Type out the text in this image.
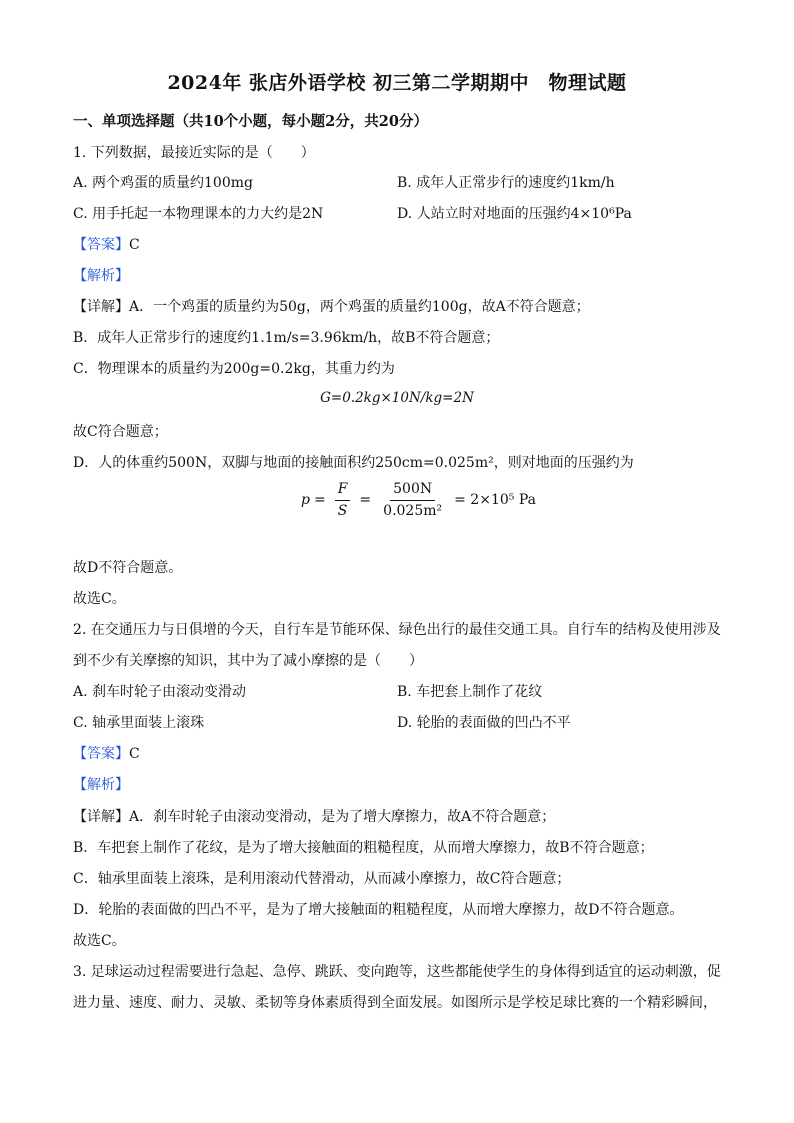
2024年 张店外语学校 初三第二学期期中　物理试题
一、单项选择题（共10个小题，每小题2分，共20分）
1. 下列数据，最接近实际的是（　　）
A. 两个鸡蛋的质量约100mg	B. 成年人正常步行的速度约1km/h
C. 用手托起一本物理课本的力大约是2N	D. 人站立时对地面的压强约4×10⁶Pa
【答案】C
【解析】
【详解】A．一个鸡蛋的质量约为50g，两个鸡蛋的质量约100g，故A不符合题意；
B．成年人正常步行的速度约1.1m/s=3.96km/h，故B不符合题意；
C．物理课本的质量约为200g=0.2kg，其重力约为
G=0.2kg×10N/kg=2N
故C符合题意；
D．人的体重约500N，双脚与地面的接触面积约250cm=0.025m²，则对地面的压强约为
$p = \frac{F}{S} = \frac{500N}{\text{0.025m²}} = 2\times 10^5$ Pa
故D不符合题意。
故选C。
2. 在交通压力与日俱增的今天，自行车是节能环保、绿色出行的最佳交通工具。自行车的结构及使用涉及
到不少有关摩擦的知识，其中为了减小摩擦的是（　　）
A. 刹车时轮子由滚动变滑动	B. 车把套上制作了花纹
C. 轴承里面装上滚珠	D. 轮胎的表面做的凹凸不平
【答案】C
【解析】
【详解】A．刹车时轮子由滚动变滑动，是为了增大摩擦力，故A不符合题意；
B．车把套上制作了花纹，是为了增大接触面的粗糙程度，从而增大摩擦力，故B不符合题意；
C．轴承里面装上滚珠，是利用滚动代替滑动，从而减小摩擦力，故C符合题意；
D．轮胎的表面做的凹凸不平，是为了增大接触面的粗糙程度，从而增大摩擦力，故D不符合题意。
故选C。
3. 足球运动过程需要进行急起、急停、跳跃、变向跑等，这些都能使学生的身体得到适宜的运动刺激，促
进力量、速度、耐力、灵敏、柔韧等身体素质得到全面发展。如图所示是学校足球比赛的一个精彩瞬间，
